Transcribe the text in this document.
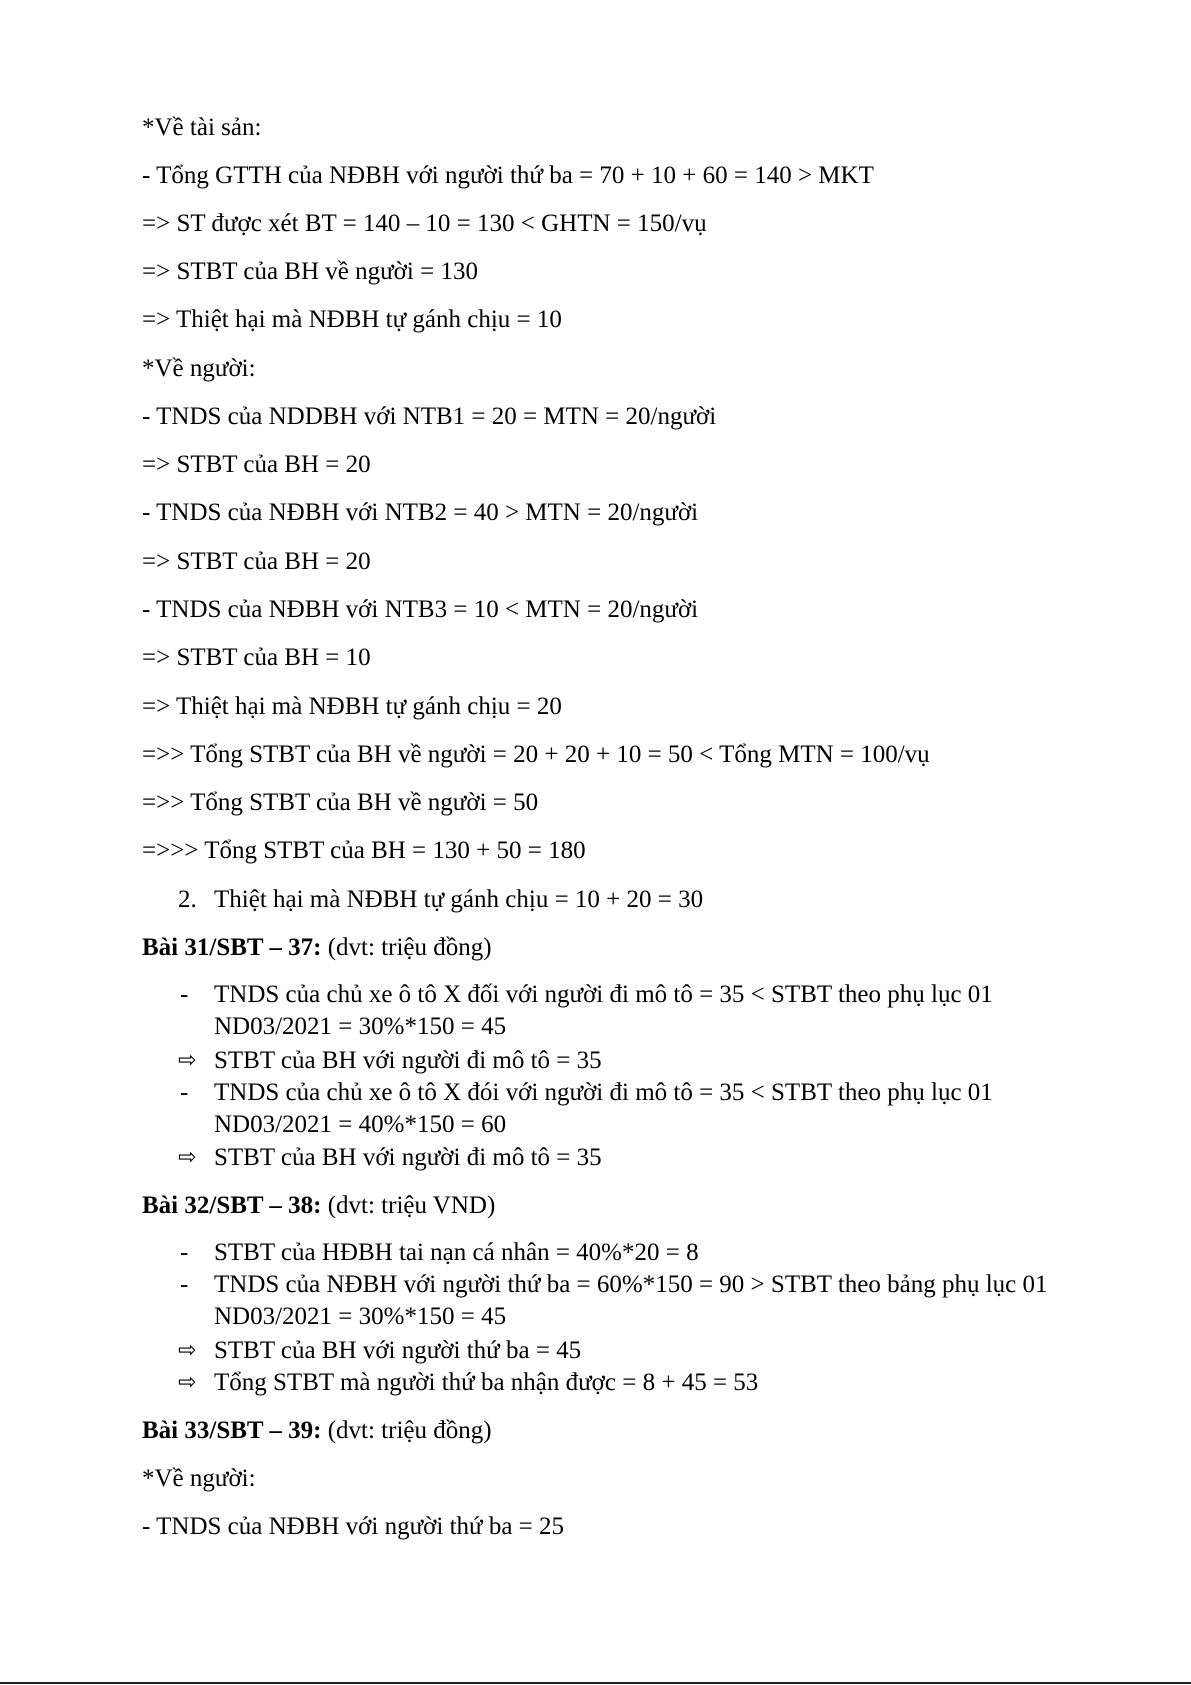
*Về tài sản:
- Tổng GTTH của NĐBH với người thứ ba = 70 + 10 + 60 = 140 > MKT
=> ST được xét BT = 140 – 10 = 130 < GHTN = 150/vụ
=> STBT của BH về người = 130
=> Thiệt hại mà NĐBH tự gánh chịu = 10
*Về người:
- TNDS của NDDBH với NTB1 = 20 = MTN = 20/người
=> STBT của BH = 20
- TNDS của NĐBH với NTB2 = 40 > MTN = 20/người
=> STBT của BH = 20
- TNDS của NĐBH với NTB3 = 10 < MTN = 20/người
=> STBT của BH = 10
=> Thiệt hại mà NĐBH tự gánh chịu = 20
=>> Tổng STBT của BH về người = 20 + 20 + 10 = 50 < Tổng MTN = 100/vụ
=>> Tổng STBT của BH về người = 50
=>>> Tổng STBT của BH = 130 + 50 = 180
2. Thiệt hại mà NĐBH tự gánh chịu = 10 + 20 = 30
Bài 31/SBT – 37: (dvt: triệu đồng)
- TNDS của chủ xe ô tô X đối với người đi mô tô = 35 < STBT theo phụ lục 01
ND03/2021 = 30%*150 = 45
⇨ STBT của BH với người đi mô tô = 35
- TNDS của chủ xe ô tô X đói với người đi mô tô = 35 < STBT theo phụ lục 01
ND03/2021 = 40%*150 = 60
⇨ STBT của BH với người đi mô tô = 35
Bài 32/SBT – 38: (dvt: triệu VND)
- STBT của HĐBH tai nạn cá nhân = 40%*20 = 8
- TNDS của NĐBH với người thứ ba = 60%*150 = 90 > STBT theo bảng phụ lục 01
ND03/2021 = 30%*150 = 45
⇨ STBT của BH với người thứ ba = 45
⇨ Tổng STBT mà người thứ ba nhận được = 8 + 45 = 53
Bài 33/SBT – 39: (dvt: triệu đồng)
*Về người:
- TNDS của NĐBH với người thứ ba = 25
